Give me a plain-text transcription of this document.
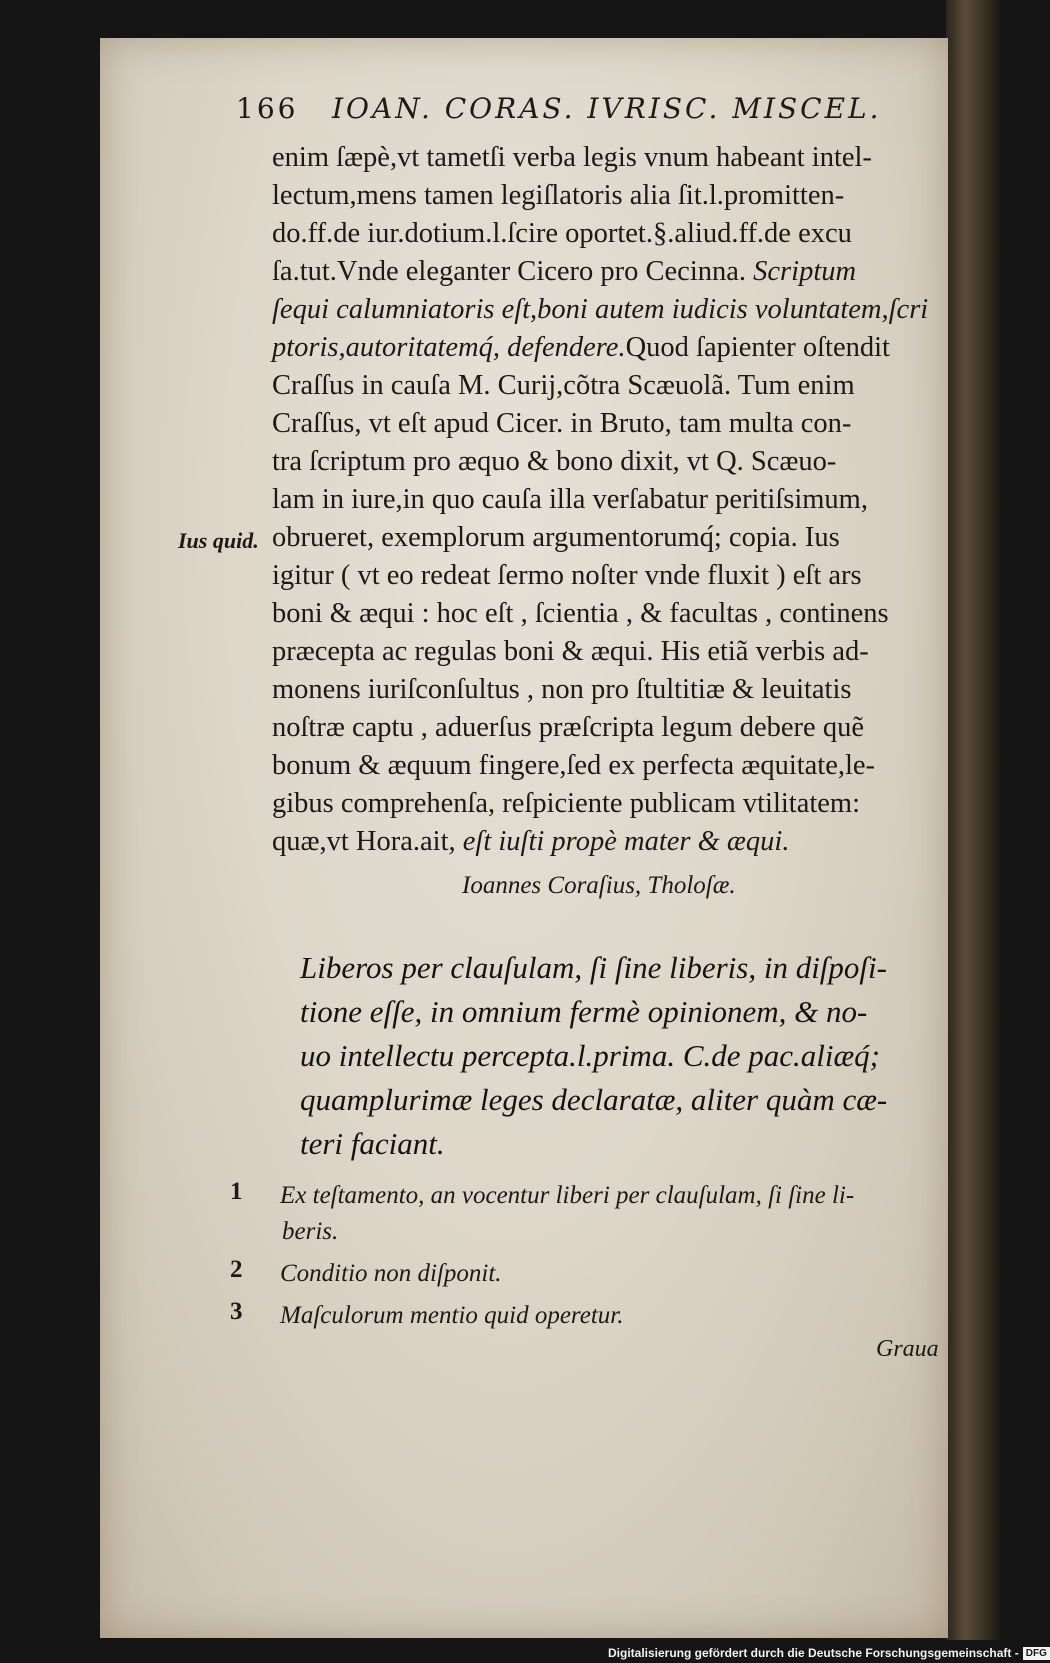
166 IOAN. CORAS. IVRISC. MISCEL.
Ius quid.
enim ſæpè,vt tametſi verba legis vnum habeant intel-
lectum,mens tamen legiſlatoris alia ſit.l.promitten-
do.ff.de iur.dotium.l.ſcire oportet.§.aliud.ff.de excu
ſa.tut.Vnde eleganter Cicero pro Cecinna. Scriptum
ſequi calumniatoris eſt,boni autem iudicis voluntatem,ſcri
ptoris,autoritatemq́, defendere.Quod ſapienter oſtendit
Craſſus in cauſa M. Curij,cõtra Scæuolã. Tum enim
Craſſus, vt eſt apud Cicer. in Bruto, tam multa con-
tra ſcriptum pro æquo & bono dixit, vt Q. Scæuo-
lam in iure,in quo cauſa illa verſabatur peritiſsimum,
obrueret, exemplorum argumentorumq́; copia. Ius
igitur ( vt eo redeat ſermo noſter vnde fluxit ) eſt ars
boni & æqui : hoc eſt , ſcientia , & facultas , continens
præcepta ac regulas boni & æqui. His etiã verbis ad-
monens iuriſconſultus , non pro ſtultitiæ & leuitatis
noſtræ captu , aduerſus præſcripta legum debere quẽ
bonum & æquum fingere,ſed ex perfecta æquitate,le-
gibus comprehenſa, reſpiciente publicam vtilitatem:
quæ,vt Hora.ait, eſt iuſti propè mater & æqui.
Ioannes Coraſius, Tholoſæ.
Liberos per clauſulam, ſi ſine liberis, in diſpoſi-
tione eſſe, in omnium fermè opinionem, & no-
uo intellectu percepta.l.prima. C.de pac.aliæq́;
quamplurimæ leges declaratæ, aliter quàm cæ-
teri faciant.
1 Ex teſtamento, an vocentur liberi per clauſulam, ſi ſine li-
beris.
2 Conditio non diſponit.
3 Maſculorum mentio quid operetur.
Graua
Digitalisierung gefördert durch die Deutsche Forschungsgemeinschaft - DFG
